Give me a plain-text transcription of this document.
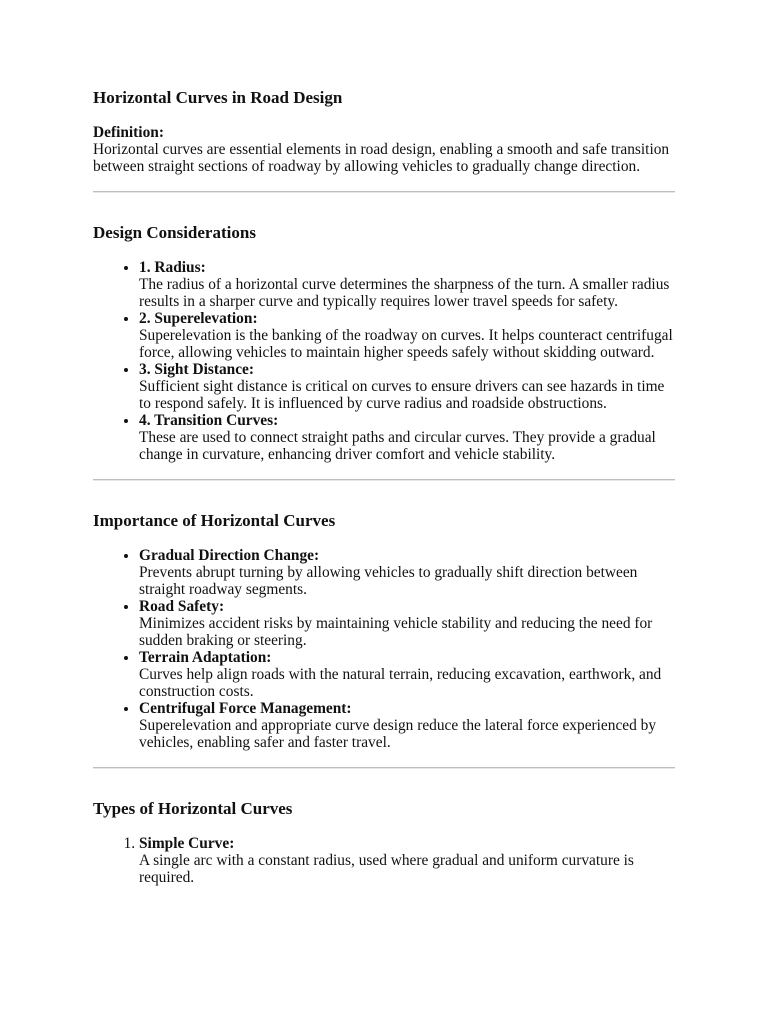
Horizontal Curves in Road Design
Definition:

Horizontal curves are essential elements in road design, enabling a smooth and safe transition between straight sections of roadway by allowing vehicles to gradually change direction.

Design Considerations
• 1. Radius:
The radius of a horizontal curve determines the sharpness of the turn. A smaller radius results in a sharper curve and typically requires lower travel speeds for safety.
• 2. Superelevation:
Superelevation is the banking of the roadway on curves. It helps counteract centrifugal force, allowing vehicles to maintain higher speeds safely without skidding outward.
• 3. Sight Distance:
Sufficient sight distance is critical on curves to ensure drivers can see hazards in time to respond safely. It is influenced by curve radius and roadside obstructions.
• 4. Transition Curves:
These are used to connect straight paths and circular curves. They provide a gradual change in curvature, enhancing driver comfort and vehicle stability.
Importance of Horizontal Curves
• Gradual Direction Change:
Prevents abrupt turning by allowing vehicles to gradually shift direction between straight roadway segments.
• Road Safety:
Minimizes accident risks by maintaining vehicle stability and reducing the need for sudden braking or steering.
• Terrain Adaptation:
Curves help align roads with the natural terrain, reducing excavation, earthwork, and construction costs.
• Centrifugal Force Management:
Superelevation and appropriate curve design reduce the lateral force experienced by vehicles, enabling safer and faster travel.
Types of Horizontal Curves
1. Simple Curve:
A single arc with a constant radius, used where gradual and uniform curvature is required.
